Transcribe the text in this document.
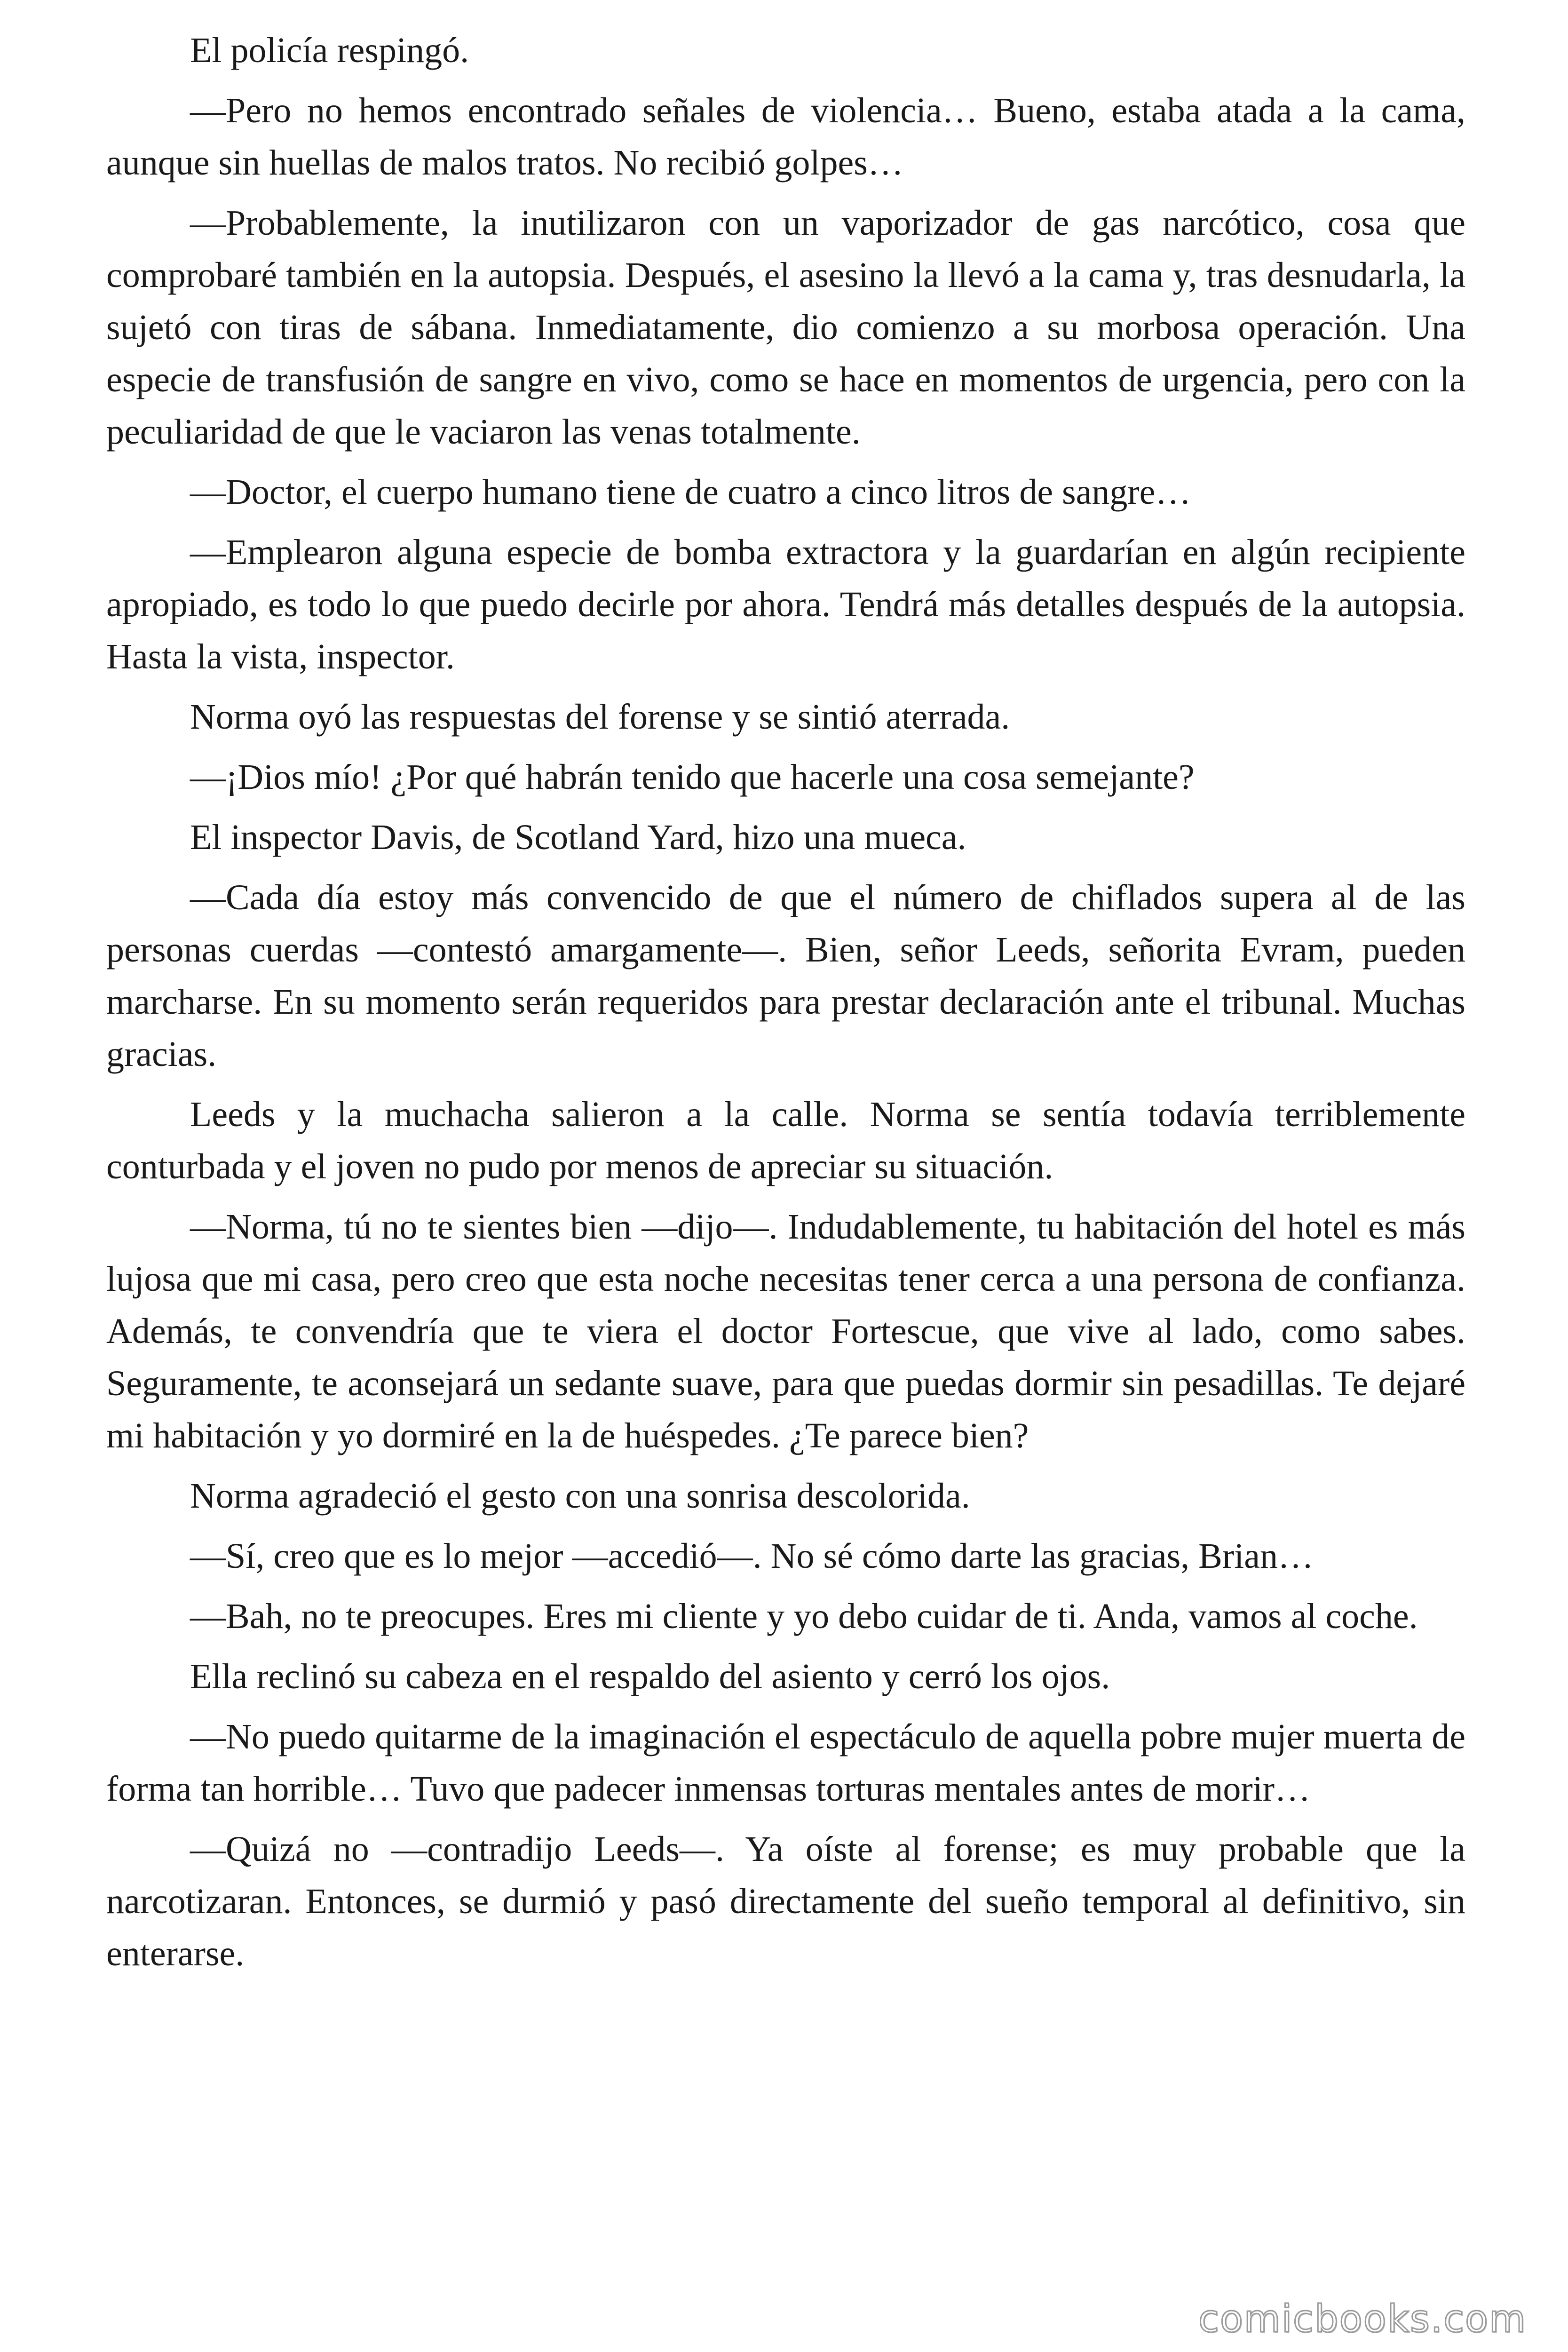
El policía respingó.

—Pero no hemos encontrado señales de violencia… Bueno, estaba atada a la cama, aunque sin huellas de malos tratos. No recibió golpes…

—Probablemente, la inutilizaron con un vaporizador de gas narcótico, cosa que comprobaré también en la autopsia. Después, el asesino la llevó a la cama y, tras desnudarla, la sujetó con tiras de sábana. Inmediatamente, dio comienzo a su morbosa operación. Una especie de transfusión de sangre en vivo, como se hace en momentos de urgencia, pero con la peculiaridad de que le vaciaron las venas totalmente.

—Doctor, el cuerpo humano tiene de cuatro a cinco litros de sangre…

—Emplearon alguna especie de bomba extractora y la guardarían en algún recipiente apropiado, es todo lo que puedo decirle por ahora. Tendrá más detalles después de la autopsia. Hasta la vista, inspector.

Norma oyó las respuestas del forense y se sintió aterrada.

—¡Dios mío! ¿Por qué habrán tenido que hacerle una cosa semejante?

El inspector Davis, de Scotland Yard, hizo una mueca.

—Cada día estoy más convencido de que el número de chiflados supera al de las personas cuerdas —contestó amargamente—. Bien, señor Leeds, señorita Evram, pueden marcharse. En su momento serán requeridos para prestar declaración ante el tribunal. Muchas gracias.

Leeds y la muchacha salieron a la calle. Norma se sentía todavía terriblemente conturbada y el joven no pudo por menos de apreciar su situación.

—Norma, tú no te sientes bien —dijo—. Indudablemente, tu habitación del hotel es más lujosa que mi casa, pero creo que esta noche necesitas tener cerca a una persona de confianza. Además, te convendría que te viera el doctor Fortescue, que vive al lado, como sabes. Seguramente, te aconsejará un sedante suave, para que puedas dormir sin pesadillas. Te dejaré mi habitación y yo dormiré en la de huéspedes. ¿Te parece bien?

Norma agradeció el gesto con una sonrisa descolorida.

—Sí, creo que es lo mejor —accedió—. No sé cómo darte las gracias, Brian…

—Bah, no te preocupes. Eres mi cliente y yo debo cuidar de ti. Anda, vamos al coche.

Ella reclinó su cabeza en el respaldo del asiento y cerró los ojos.

—No puedo quitarme de la imaginación el espectáculo de aquella pobre mujer muerta de forma tan horrible… Tuvo que padecer inmensas torturas mentales antes de morir…

—Quizá no —contradijo Leeds—. Ya oíste al forense; es muy probable que la narcotizaran. Entonces, se durmió y pasó directamente del sueño temporal al definitivo, sin enterarse.

comicbooks.com
